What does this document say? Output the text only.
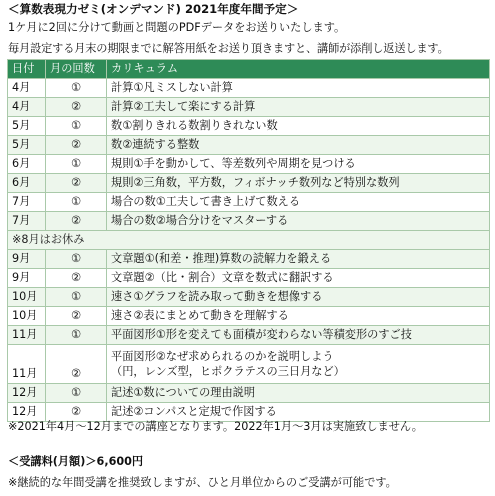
＜算数表現力ゼミ(オンデマンド) 2021年度年間予定＞
1ケ月に2回に分けて動画と問題のPDFデータをお送りいたします。
毎月設定する月末の期限までに解答用紙をお送り頂きますと、講師が添削し返送します。
日付	月の回数	カリキュラム
4月	①	計算①凡ミスしない計算
4月	②	計算②工夫して楽にする計算
5月	①	数①割りきれる数割りきれない数
5月	②	数②連続する整数
6月	①	規則①手を動かして、等差数列や周期を見つける
6月	②	規則②三角数，平方数，フィボナッチ数列など特別な数列
7月	①	場合の数①工夫して書き上げて数える
7月	②	場合の数②場合分けをマスターする
※8月はお休み		
9月	①	文章題①(和差・推理)算数の読解力を鍛える
9月	②	文章題②（比・割合）文章を数式に翻訳する
10月	①	速さ①グラフを読み取って動きを想像する
10月	②	速さ②表にまとめて動きを理解する
11月	①	平面図形①形を変えても面積が変わらない等積変形のすご技
11月	②	平面図形②なぜ求められるのかを説明しよう
（円，レンズ型，ヒポクラテスの三日月など）

12月	①	記述①数についての理由説明
12月	②	記述②コンパスと定規で作図する
※2021年4月～12月までの講座となります。2022年1月～3月は実施致しません。
＜受講料(月額)＞6,600円
※継続的な年間受講を推奨致しますが、ひと月単位からのご受講が可能です。
